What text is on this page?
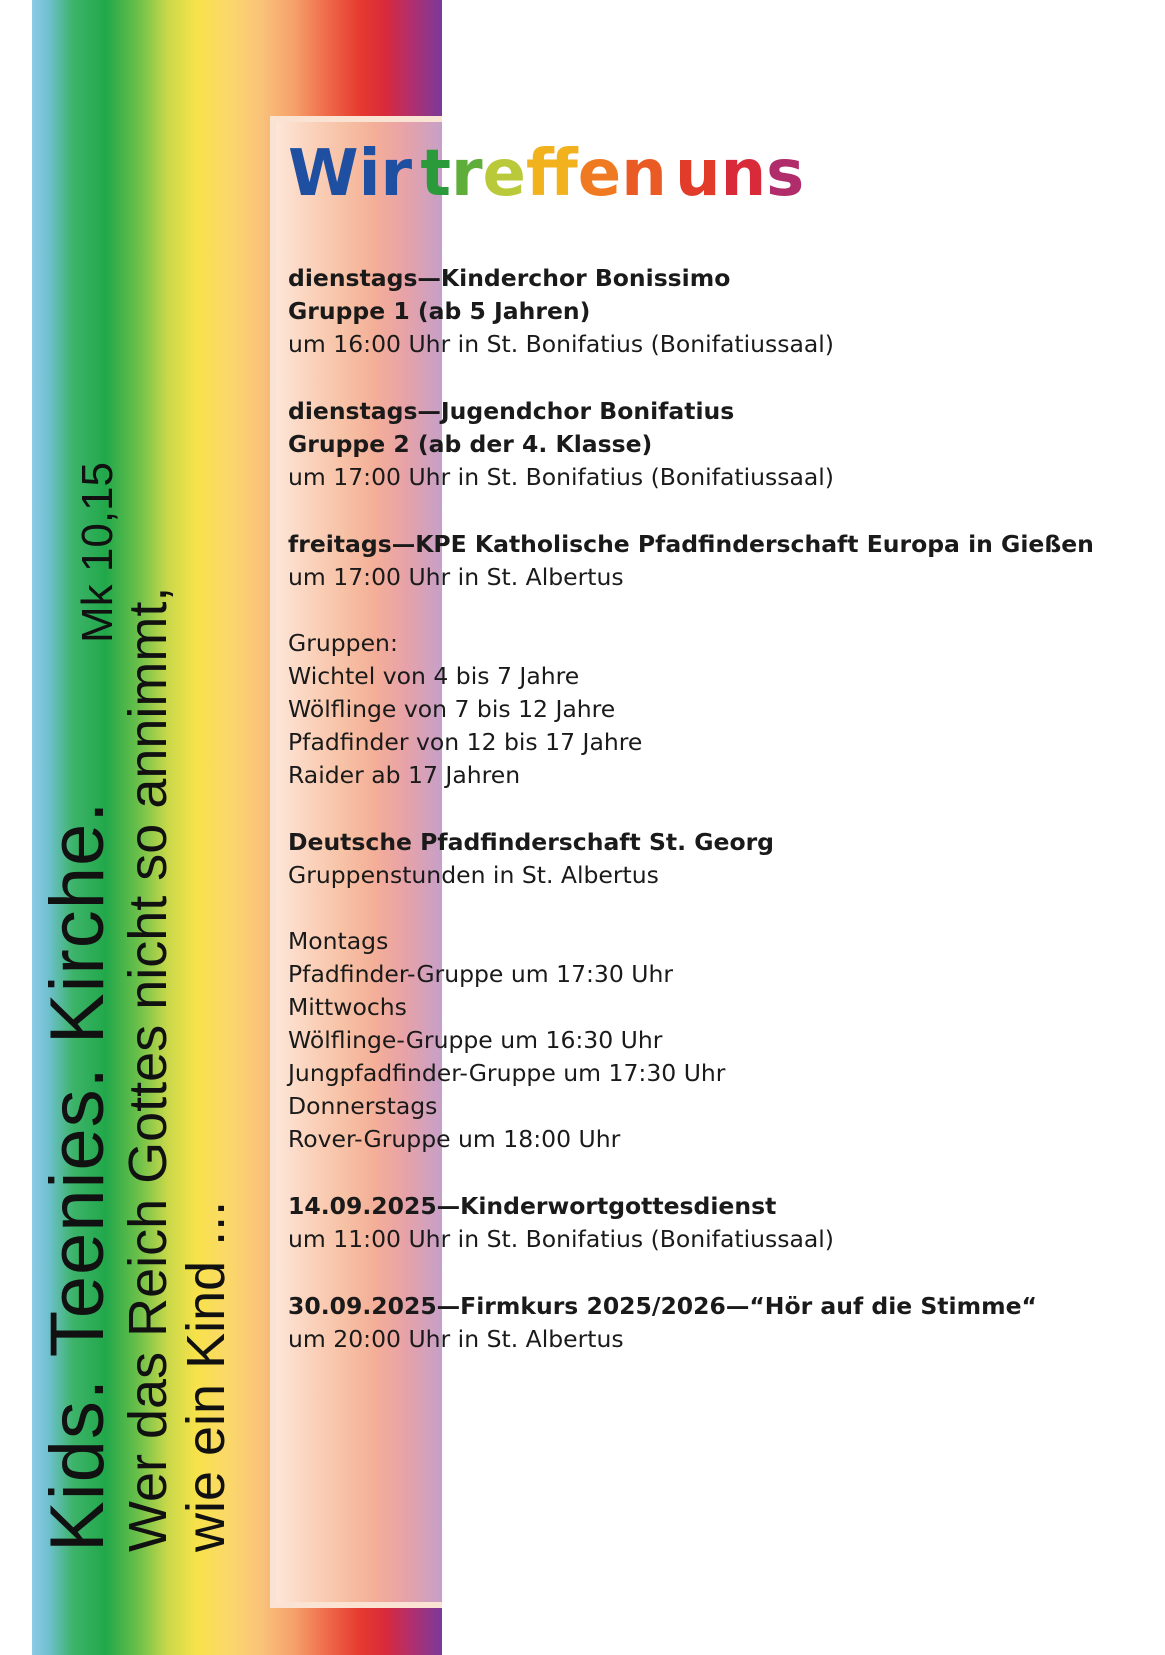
Kids. Teenies. Kirche.
Wer das Reich Gottes nicht so annimmt,
wie ein Kind ...
Mk 10,15
Wir trefen uns
dienstags—Kinderchor Bonissimo
Gruppe 1 (ab 5 Jahren)
um 16:00 Uhr in St. Bonifatius (Bonifatiussaal)
dienstags—Jugendchor Bonifatius
Gruppe 2 (ab der 4. Klasse)
um 17:00 Uhr in St. Bonifatius (Bonifatiussaal)
freitags—KPE Katholische Pfadfinderschaft Europa in Gießen
um 17:00 Uhr in St. Albertus
Gruppen:
Wichtel von 4 bis 7 Jahre
Wölflinge von 7 bis 12 Jahre
Pfadfinder von 12 bis 17 Jahre
Raider ab 17 Jahren
Deutsche Pfadfinderschaft St. Georg
Gruppenstunden in St. Albertus
Montags
Pfadfinder-Gruppe um 17:30 Uhr
Mittwochs
Wölflinge-Gruppe um 16:30 Uhr
Jungpfadfinder-Gruppe um 17:30 Uhr
Donnerstags
Rover-Gruppe um 18:00 Uhr
14.09.2025—Kinderwortgottesdienst
um 11:00 Uhr in St. Bonifatius (Bonifatiussaal)
30.09.2025—Firmkurs 2025/2026—“Hör auf die Stimme“
um 20:00 Uhr in St. Albertus
